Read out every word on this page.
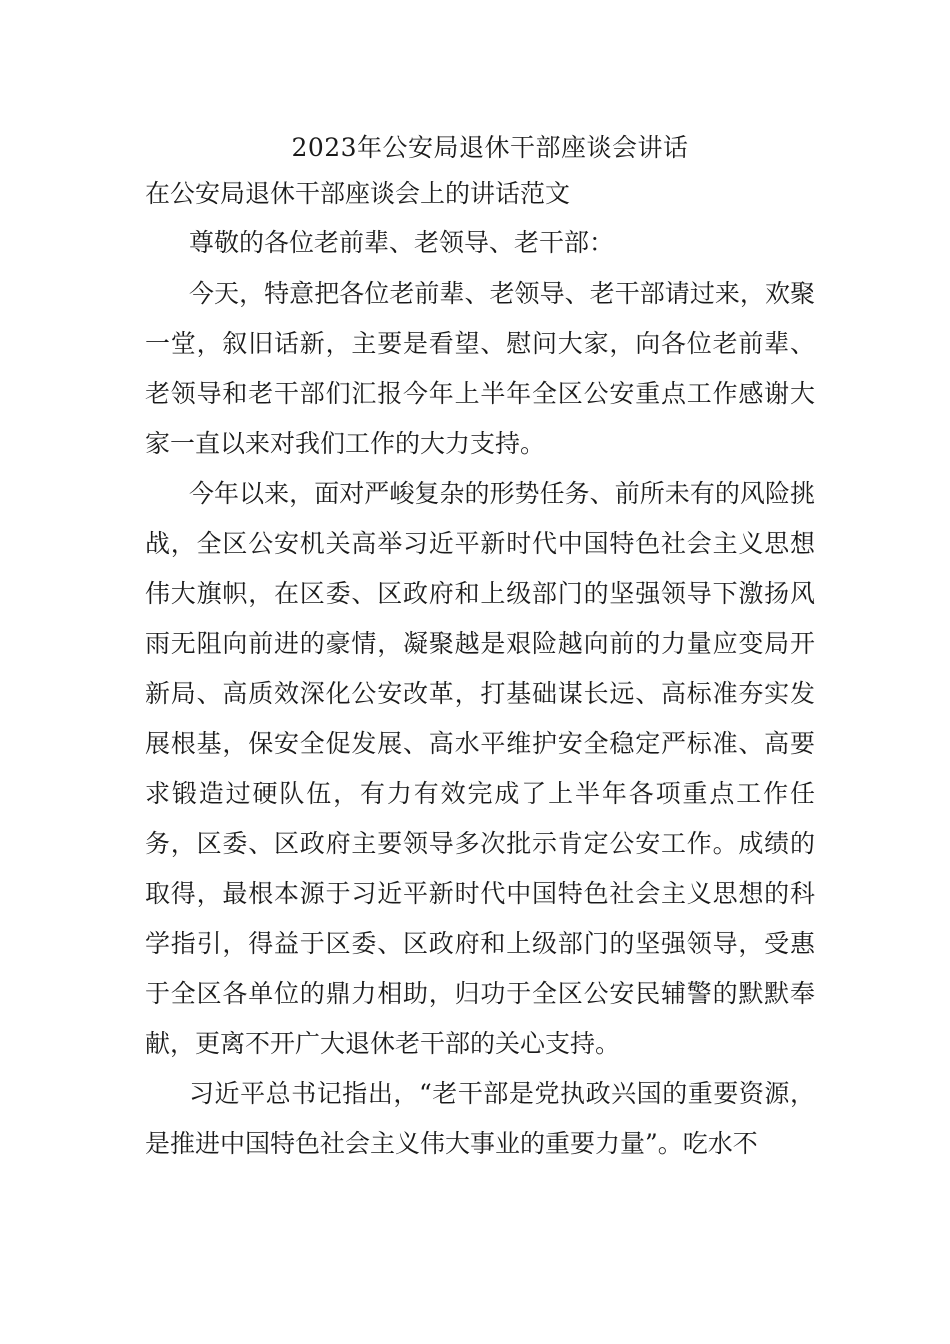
2023年公安局退休干部座谈会讲话
在公安局退休干部座谈会上的讲话范文

尊敬的各位老前辈、老领导、老干部：

今天，特意把各位老前辈、老领导、老干部请过来，欢聚一堂，叙旧话新，主要是看望、慰问大家，向各位老前辈、老领导和老干部们汇报今年上半年全区公安重点工作感谢大家一直以来对我们工作的大力支持。

今年以来，面对严峻复杂的形势任务、前所未有的风险挑战，全区公安机关高举习近平新时代中国特色社会主义思想伟大旗帜，在区委、区政府和上级部门的坚强领导下激扬风雨无阻向前进的豪情，凝聚越是艰险越向前的力量应变局开新局、高质效深化公安改革，打基础谋长远、高标准夯实发展根基，保安全促发展、高水平维护安全稳定严标准、高要求锻造过硬队伍，有力有效完成了上半年各项重点工作任务，区委、区政府主要领导多次批示肯定公安工作。成绩的取得，最根本源于习近平新时代中国特色社会主义思想的科学指引，得益于区委、区政府和上级部门的坚强领导，受惠于全区各单位的鼎力相助，归功于全区公安民辅警的默默奉献，更离不开广大退休老干部的关心支持。

习近平总书记指出，“老干部是党执政兴国的重要资源，是推进中国特色社会主义伟大事业的重要力量”。吃水不
